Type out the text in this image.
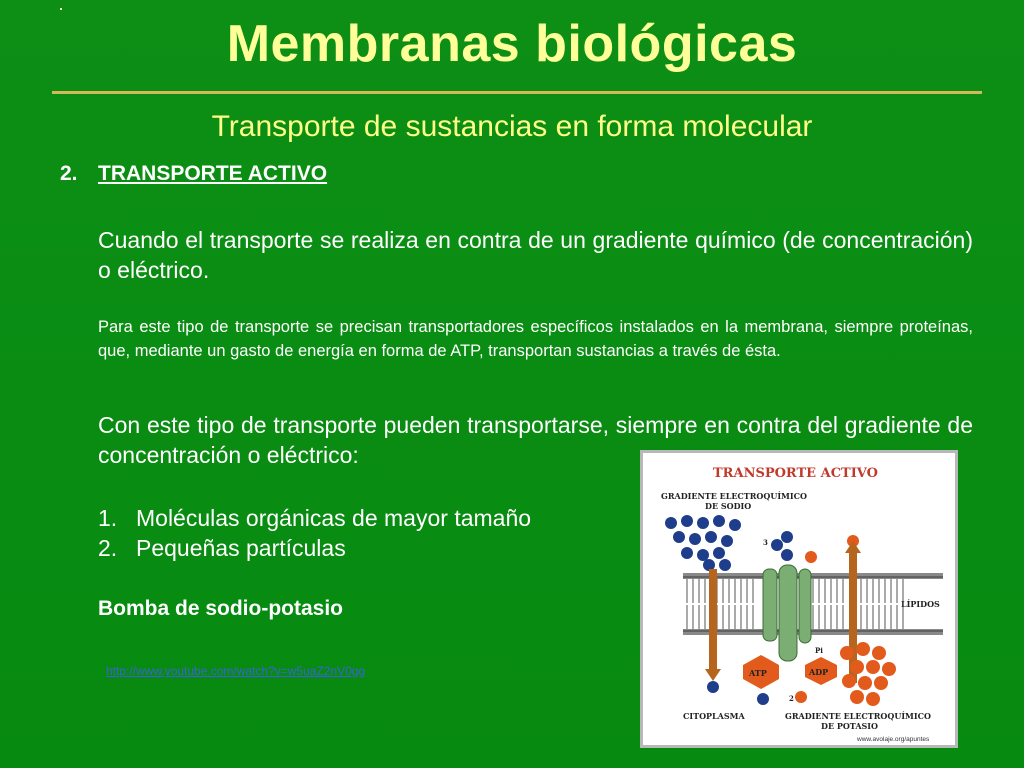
Membranas biológicas
Transporte de sustancias en forma molecular
2. TRANSPORTE ACTIVO
Cuando el transporte se realiza en contra de un gradiente químico (de concentración) o eléctrico.
Para este tipo de transporte se precisan transportadores específicos instalados en la membrana, siempre proteínas, que, mediante un gasto de energía en forma de ATP, transportan sustancias a través de ésta.
Con este tipo de transporte pueden transportarse, siempre en contra del gradiente de concentración o eléctrico:
1. Moléculas orgánicas de mayor tamaño
2. Pequeñas partículas
Bomba de sodio-potasio
http://www.youtube.com/watch?v=w5uaZ2nV0gg
TRANSPORTE ACTIVO
GRADIENTE ELECTROQUÍMICO
DE SODIO
3
LÍPIDOS
ATP	ADP
Pi
2
CITOPLASMA	GRADIENTE ELECTROQUÍMICO
DE POTASIO
www.avolaje.org/apuntes
